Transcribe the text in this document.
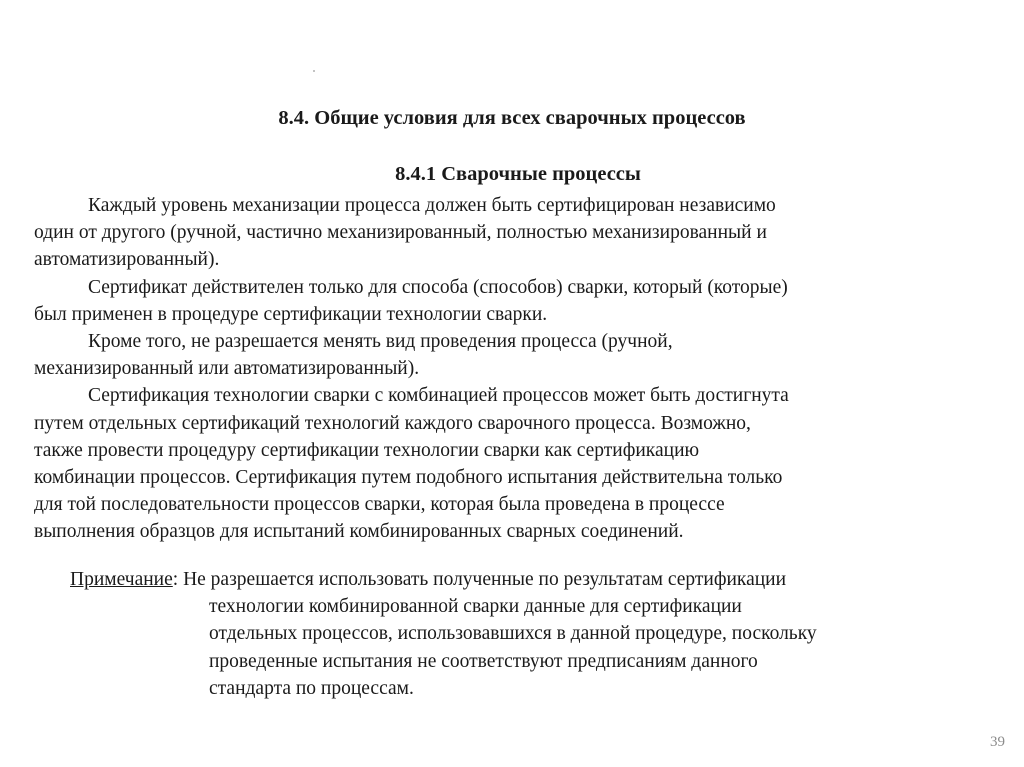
8.4. Общие условия для всех сварочных процессов
8.4.1 Сварочные процессы
Каждый уровень механизации процесса должен быть сертифицирован независимо
один от другого (ручной, частично механизированный, полностью механизированный и
автоматизированный).
Сертификат действителен только для способа (способов) сварки, который (которые)
был применен в процедуре сертификации технологии сварки.
Кроме того, не разрешается менять вид проведения процесса (ручной,
механизированный или автоматизированный).
Сертификация технологии сварки с комбинацией процессов может быть достигнута
путем отдельных сертификаций технологий каждого сварочного процесса. Возможно,
также провести процедуру сертификации технологии сварки как сертификацию
комбинации процессов. Сертификация путем подобного испытания действительна только
для той последовательности процессов сварки, которая была проведена в процессе
выполнения образцов для испытаний комбинированных сварных соединений.
Примечание: Не разрешается использовать полученные по результатам сертификации
технологии комбинированной сварки данные для сертификации
отдельных процессов, использовавшихся в данной процедуре, поскольку
проведенные испытания не соответствуют предписаниям данного
стандарта по процессам.
39
